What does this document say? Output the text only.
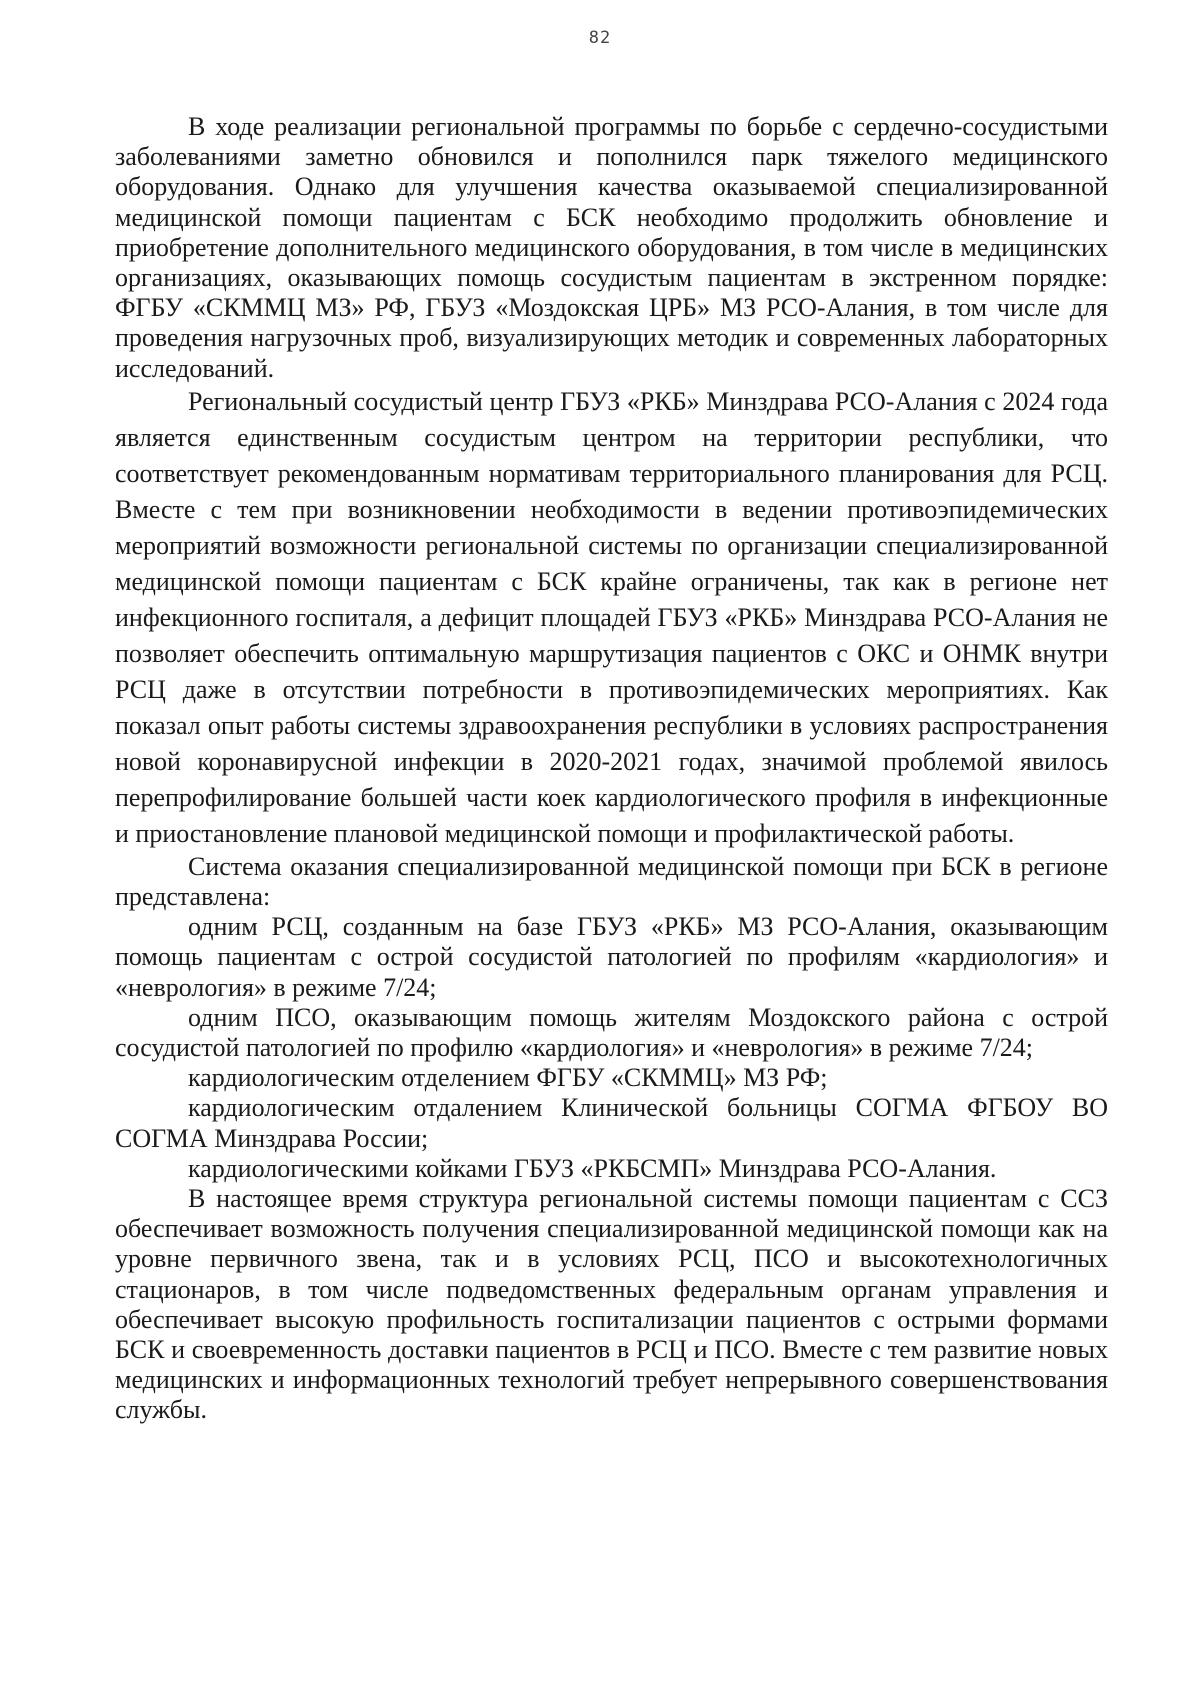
82

В ходе реализации региональной программы по борьбе с сердечно-сосудистыми заболеваниями заметно обновился и пополнился парк тяжелого медицинского оборудования. Однако для улучшения качества оказываемой специализированной медицинской помощи пациентам с БСК необходимо продолжить обновление и приобретение дополнительного медицинского оборудования, в том числе в медицинских организациях, оказывающих помощь сосудистым пациентам в экстренном порядке: ФГБУ «СКММЦ МЗ» РФ, ГБУЗ «Моздокская ЦРБ» МЗ РСО-Алания, в том числе для проведения нагрузочных проб, визуализирующих методик и современных лабораторных исследований.

Региональный сосудистый центр ГБУЗ «РКБ» Минздрава РСО-Алания с 2024 года является единственным сосудистым центром на территории республики, что соответствует рекомендованным нормативам территориального планирования для РСЦ. Вместе с тем при возникновении необходимости в ведении противоэпидемических мероприятий возможности региональной системы по организации специализированной медицинской помощи пациентам с БСК крайне ограничены, так как в регионе нет инфекционного госпиталя, а дефицит площадей ГБУЗ «РКБ» Минздрава РСО-Алания не позволяет обеспечить оптимальную маршрутизация пациентов с ОКС и ОНМК внутри РСЦ даже в отсутствии потребности в противоэпидемических мероприятиях. Как показал опыт работы системы здравоохранения республики в условиях распространения новой коронавирусной инфекции в 2020-2021 годах, значимой проблемой явилось перепрофилирование большей части коек кардиологического профиля в инфекционные и приостановление плановой медицинской помощи и профилактической работы.

Система оказания специализированной медицинской помощи при БСК в регионе представлена:

одним РСЦ, созданным на базе ГБУЗ «РКБ» МЗ РСО-Алания, оказывающим помощь пациентам с острой сосудистой патологией по профилям «кардиология» и «неврология» в режиме 7/24;

одним ПСО, оказывающим помощь жителям Моздокского района с острой сосудистой патологией по профилю «кардиология» и «неврология» в режиме 7/24;

кардиологическим отделением ФГБУ «СКММЦ» МЗ РФ;

кардиологическим отдалением Клинической больницы СОГМА ФГБОУ ВО СОГМА Минздрава России;

кардиологическими койками ГБУЗ «РКБСМП» Минздрава РСО-Алания.

В настоящее время структура региональной системы помощи пациентам с ССЗ обеспечивает возможность получения специализированной медицинской помощи как на уровне первичного звена, так и в условиях РСЦ, ПСО и высокотехнологичных стационаров, в том числе подведомственных федеральным органам управления и обеспечивает высокую профильность госпитализации пациентов с острыми формами БСК и своевременность доставки пациентов в РСЦ и ПСО. Вместе с тем развитие новых медицинских и информационных технологий требует непрерывного совершенствования службы.
